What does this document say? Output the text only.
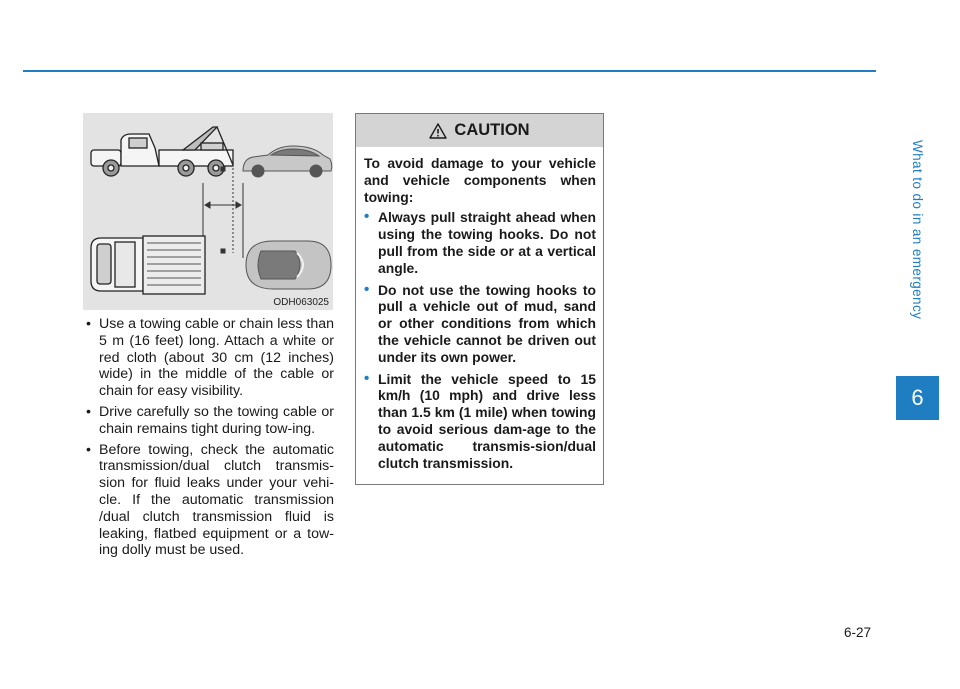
What to do in an emergency
6
ODH063025
• Use a towing cable or chain less than 5 m (16 feet) long. Attach a white or red cloth (about 30 cm (12 inches) wide) in the middle of the cable or chain for easy visibility.
• Drive carefully so the towing cable or chain remains tight during tow-ing.
• Before towing, check the automatic transmission/dual clutch transmis-sion for fluid leaks under your vehi-cle. If the automatic transmission /dual clutch transmission fluid is leaking, flatbed equipment or a tow-ing dolly must be used.
CAUTION

To avoid damage to your vehicle and vehicle components when towing:

• Always pull straight ahead when using the towing hooks. Do not pull from the side or at a vertical angle.
• Do not use the towing hooks to pull a vehicle out of mud, sand or other conditions from which the vehicle cannot be driven out under its own power.
• Limit the vehicle speed to 15 km/h (10 mph) and drive less than 1.5 km (1 mile) when towing to avoid serious dam-age to the automatic transmis-sion/dual clutch transmission.
6-27
